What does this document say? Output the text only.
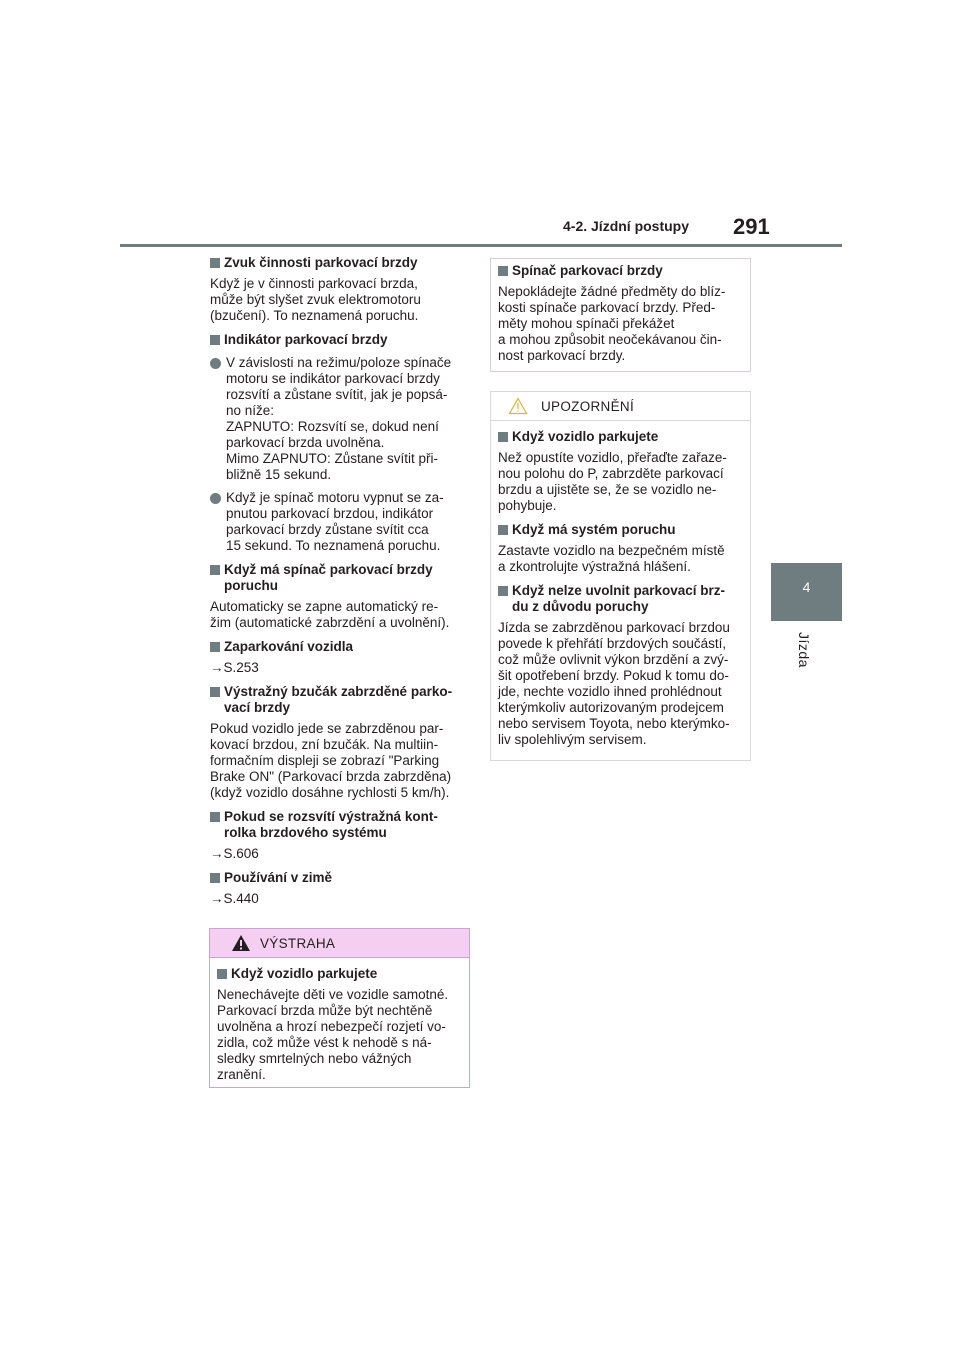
4-2. Jízdní postupy 291
4
Jízda
Zvuk činnosti parkovací brzdy
Když je v činnosti parkovací brzda,
může být slyšet zvuk elektromotoru
(bzučení). To neznamená poruchu.
Indikátor parkovací brzdy
V závislosti na režimu/poloze spínače
motoru se indikátor parkovací brzdy
rozsvítí a zůstane svítit, jak je popsá-
no níže:
ZAPNUTO: Rozsvítí se, dokud není
parkovací brzda uvolněna.
Mimo ZAPNUTO: Zůstane svítit při-
bližně 15 sekund.
Když je spínač motoru vypnut se za-
pnutou parkovací brzdou, indikátor
parkovací brzdy zůstane svítit cca
15 sekund. To neznamená poruchu.
Když má spínač parkovací brzdy
poruchu
Automaticky se zapne automatický re-
žim (automatické zabrzdění a uvolnění).
Zaparkování vozidla
→S.253
Výstražný bzučák zabrzděné parko-
vací brzdy
Pokud vozidlo jede se zabrzděnou par-
kovací brzdou, zní bzučák. Na multiin-
formačním displeji se zobrazí "Parking
Brake ON" (Parkovací brzda zabrzděna)
(když vozidlo dosáhne rychlosti 5 km/h).
Pokud se rozsvítí výstražná kont-
rolka brzdového systému
→S.606
Používání v zimě
→S.440
VÝSTRAHA
Když vozidlo parkujete
Nenechávejte děti ve vozidle samotné.
Parkovací brzda může být nechtěně
uvolněna a hrozí nebezpečí rozjetí vo-
zidla, což může vést k nehodě s ná-
sledky smrtelných nebo vážných
zranění.
Spínač parkovací brzdy
Nepokládejte žádné předměty do blíz-
kosti spínače parkovací brzdy. Před-
měty mohou spínači překážet
a mohou způsobit neočekávanou čin-
nost parkovací brzdy.
UPOZORNĚNÍ
Když vozidlo parkujete
Než opustíte vozidlo, přeřaďte zařaze-
nou polohu do P, zabrzděte parkovací
brzdu a ujistěte se, že se vozidlo ne-
pohybuje.
Když má systém poruchu
Zastavte vozidlo na bezpečném místě
a zkontrolujte výstražná hlášení.
Když nelze uvolnit parkovací brz-
du z důvodu poruchy
Jízda se zabrzděnou parkovací brzdou
povede k přehřátí brzdových součástí,
což může ovlivnit výkon brzdění a zvý-
šit opotřebení brzdy. Pokud k tomu do-
jde, nechte vozidlo ihned prohlédnout
kterýmkoliv autorizovaným prodejcem
nebo servisem Toyota, nebo kterýmko-
liv spolehlivým servisem.
